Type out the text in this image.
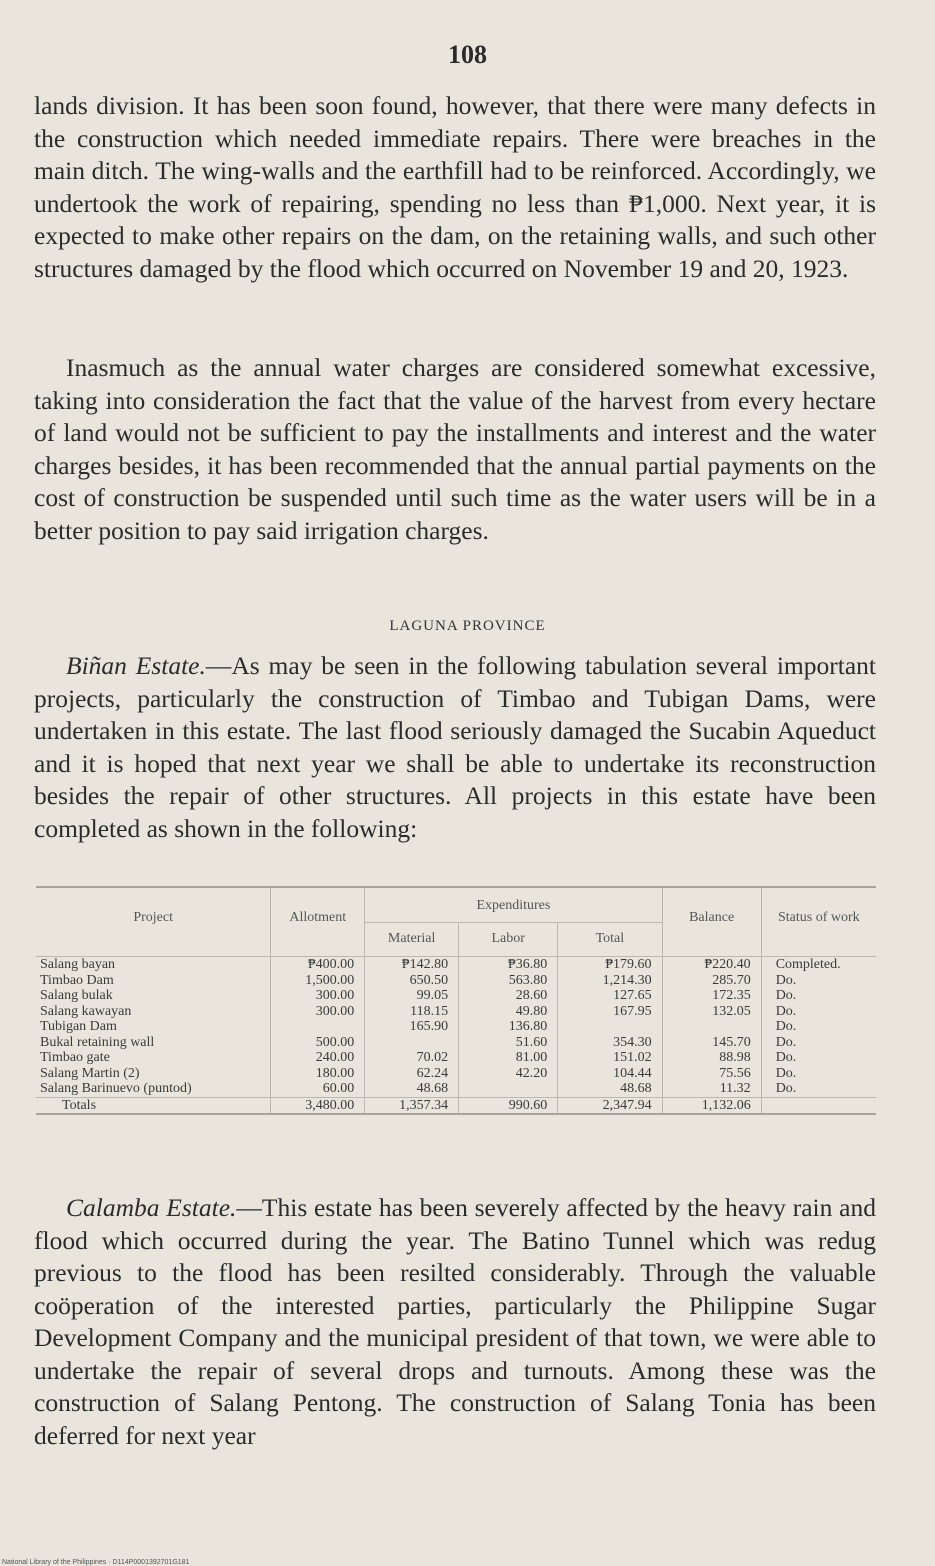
108

lands division. It has been soon found, however, that there were many defects in the construction which needed immediate repairs. There were breaches in the main ditch. The wing-walls and the earthfill had to be reinforced. Accordingly, we undertook the work of repairing, spending no less than ₱1,000. Next year, it is expected to make other repairs on the dam, on the retaining walls, and such other structures damaged by the flood which occurred on November 19 and 20, 1923.

Inasmuch as the annual water charges are considered somewhat excessive, taking into consideration the fact that the value of the harvest from every hectare of land would not be sufficient to pay the installments and interest and the water charges besides, it has been recommended that the annual partial payments on the cost of construction be suspended until such time as the water users will be in a better position to pay said irrigation charges.

LAGUNA PROVINCE

Biñan Estate.—As may be seen in the following tabulation several important projects, particularly the construction of Timbao and Tubigan Dams, were undertaken in this estate. The last flood seriously damaged the Sucabin Aqueduct and it is hoped that next year we shall be able to undertake its reconstruction besides the repair of other structures. All projects in this estate have been completed as shown in the following:

Project	Allotment	Expenditures			Balance	Status of work
		Material	Labor	Total		
Salang bayan	₱400.00	₱142.80	₱36.80	₱179.60	₱220.40	Completed.
Timbao Dam	1,500.00	650.50	563.80	1,214.30	285.70	Do.
Salang bulak	300.00	99.05	28.60	127.65	172.35	Do.
Salang kawayan	300.00	118.15	49.80	167.95	132.05	Do.
Tubigan Dam		165.90	136.80			Do.
Bukal retaining wall	500.00		51.60	354.30	145.70	Do.
Timbao gate	240.00	70.02	81.00	151.02	88.98	Do.
Salang Martin (2)	180.00	62.24	42.20	104.44	75.56	Do.
Salang Barinuevo (puntod)	60.00	48.68		48.68	11.32	Do.
Totals	3,480.00	1,357.34	990.60	2,347.94	1,132.06	

Calamba Estate.—This estate has been severely affected by the heavy rain and flood which occurred during the year. The Batino Tunnel which was redug previous to the flood has been resilted considerably. Through the valuable coöperation of the interested parties, particularly the Philippine Sugar Development Company and the municipal president of that town, we were able to undertake the repair of several drops and turnouts. Among these was the construction of Salang Pentong. The construction of Salang Tonia has been deferred for next year

National Library of the Philippines · D114P0001392701G181
